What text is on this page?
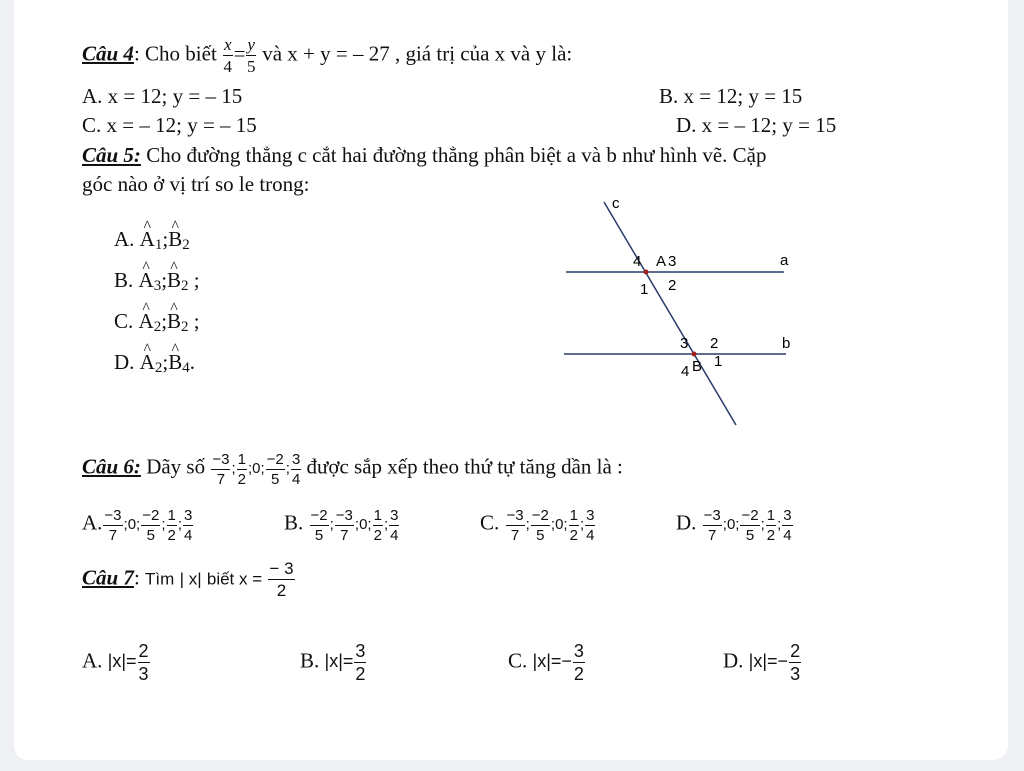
Câu 4: Cho biết $\frac{x}{4} = \frac{y}{5}$ và x + y = – 27 , giá trị của x và y là:
A. x = 12; y = – 15	B. x = 12; y = 15
C. x = – 12; y = – 15	D. x = – 12; y = 15
Câu 5: Cho đường thẳng c cắt hai đường thẳng phân biệt a và b như hình vẽ. Cặp
góc nào ở vị trí so le trong:
A. ^ A1;^ B2
B. ^ A3;^ B2 ;
C. ^ A2;^ B2 ;
D. ^ A2;^ B4.
c
a
b
A
B
4 3
1 2
3 2
4
1
Câu 6: Dãy số $\frac{-3}{7}$ ; $\frac{1}{2}$ ;0; $\frac{-2}{5}$ ; $\frac{3}{4}$ được sắp xếp theo thứ tự tăng dần là :
A. $\frac{-3}{7}$ ;0; $\frac{-2}{5}$ ; $\frac{1}{2}$ ; $\frac{3}{4}$	B. $\frac{-2}{5}$ ; $\frac{-3}{7}$ ;0; $\frac{1}{2}$ ; $\frac{3}{4}$	C. $\frac{-3}{7}$ ; $\frac{-2}{5}$ ;0; $\frac{1}{2}$ ; $\frac{3}{4}$	D. $\frac{-3}{7}$ ;0; $\frac{-2}{5}$ ; $\frac{1}{2}$ ; $\frac{3}{4}$
Câu 7: Tìm | x| biết $x = \frac{- 3}{2}$
A. $|x|= \frac{2}{3}$	B. $|x|= \frac{3}{2}$	C. $|x|=- \frac{3}{2}$	D. $|x|=- \frac{2}{3}$
